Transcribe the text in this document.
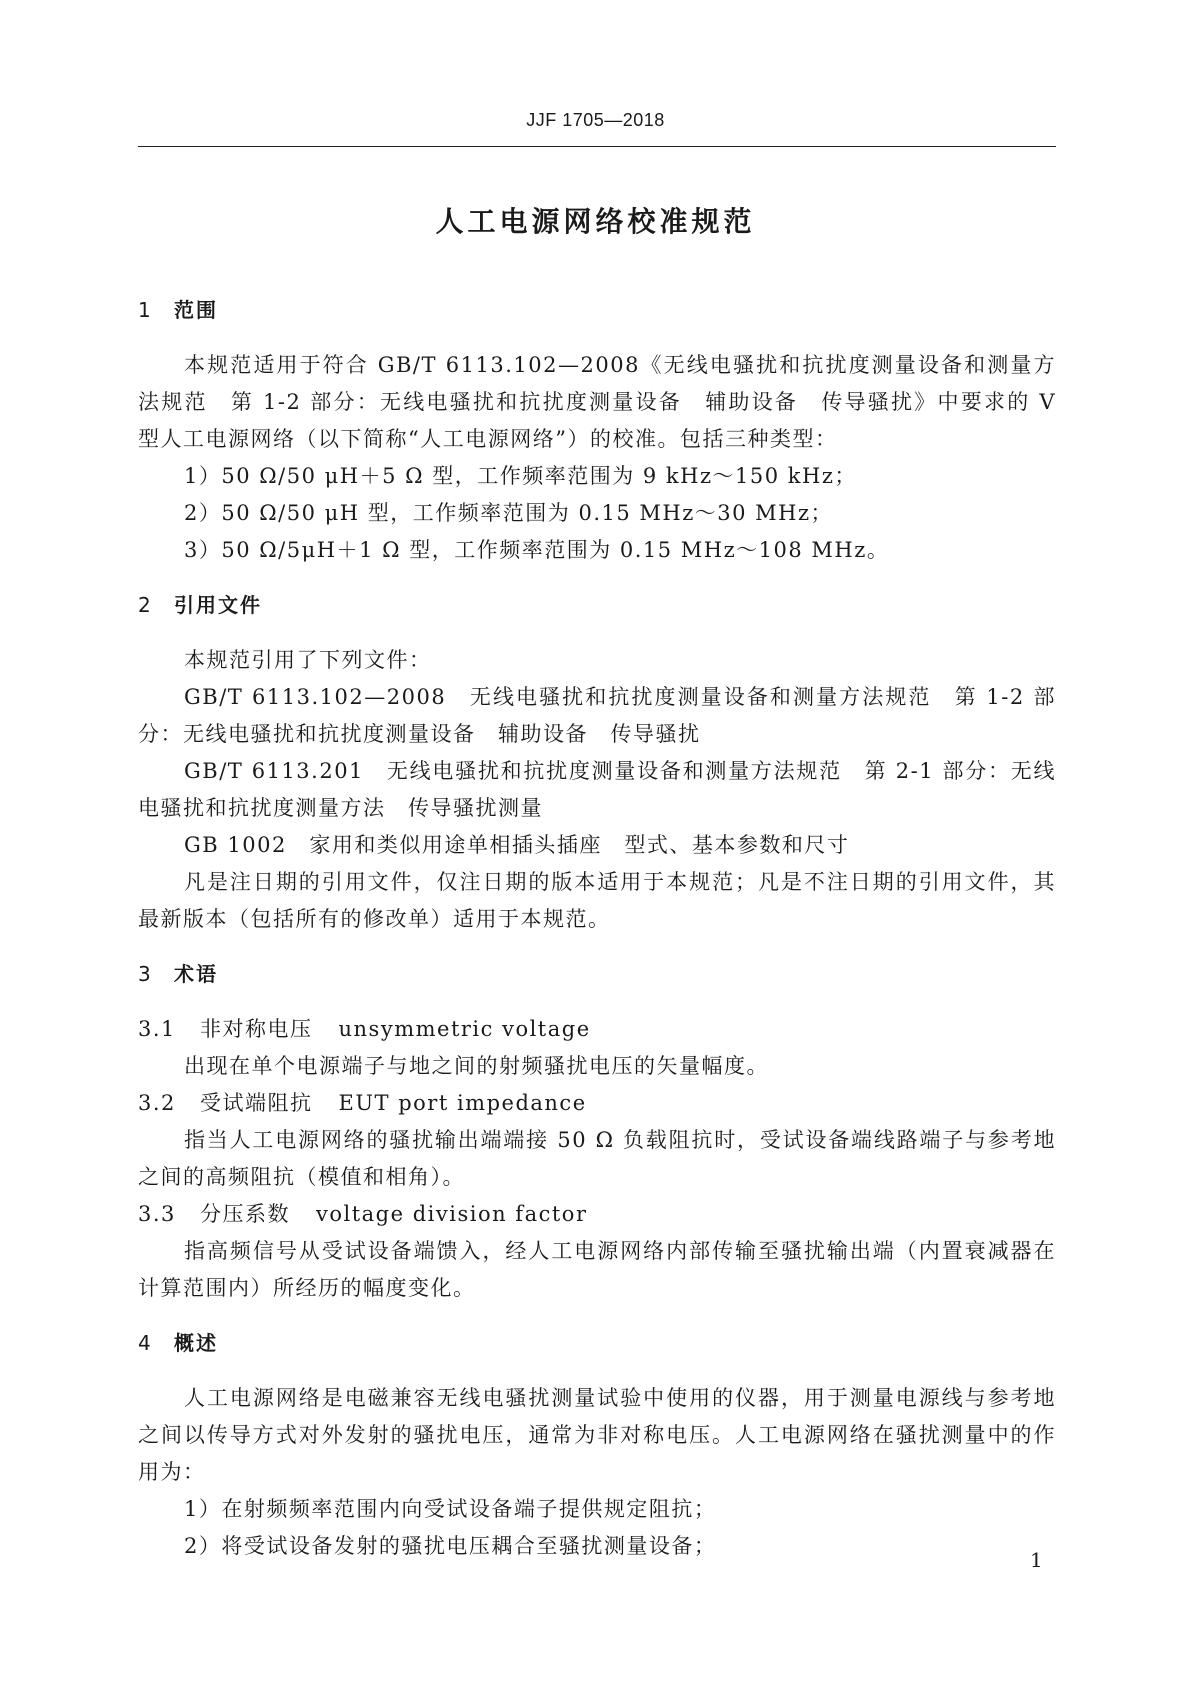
JJF 1705—2018
人工电源网络校准规范
1 范围

本规范适用于符合 GB/T 6113.102—2008《无线电骚扰和抗扰度测量设备和测量方法规范　第 1-2 部分：无线电骚扰和抗扰度测量设备　辅助设备　传导骚扰》中要求的 V 型人工电源网络（以下简称“人工电源网络”）的校准。包括三种类型：

1）50 Ω/50 μH＋5 Ω 型，工作频率范围为 9 kHz～150 kHz；

2）50 Ω/50 μH 型，工作频率范围为 0.15 MHz～30 MHz；

3）50 Ω/5μH＋1 Ω 型，工作频率范围为 0.15 MHz～108 MHz。

2 引用文件

本规范引用了下列文件：

GB/T 6113.102—2008　无线电骚扰和抗扰度测量设备和测量方法规范　第 1-2 部分：无线电骚扰和抗扰度测量设备　辅助设备　传导骚扰

GB/T 6113.201　无线电骚扰和抗扰度测量设备和测量方法规范　第 2-1 部分：无线电骚扰和抗扰度测量方法　传导骚扰测量

GB 1002　家用和类似用途单相插头插座　型式、基本参数和尺寸

凡是注日期的引用文件，仅注日期的版本适用于本规范；凡是不注日期的引用文件，其最新版本（包括所有的修改单）适用于本规范。

3 术语

3.1 非对称电压 unsymmetric voltage

出现在单个电源端子与地之间的射频骚扰电压的矢量幅度。

3.2 受试端阻抗 EUT port impedance

指当人工电源网络的骚扰输出端端接 50 Ω 负载阻抗时，受试设备端线路端子与参考地之间的高频阻抗（模值和相角）。

3.3 分压系数 voltage division factor

指高频信号从受试设备端馈入，经人工电源网络内部传输至骚扰输出端（内置衰减器在计算范围内）所经历的幅度变化。

4 概述

人工电源网络是电磁兼容无线电骚扰测量试验中使用的仪器，用于测量电源线与参考地之间以传导方式对外发射的骚扰电压，通常为非对称电压。人工电源网络在骚扰测量中的作用为：

1）在射频频率范围内向受试设备端子提供规定阻抗；

2）将受试设备发射的骚扰电压耦合至骚扰测量设备；

1
